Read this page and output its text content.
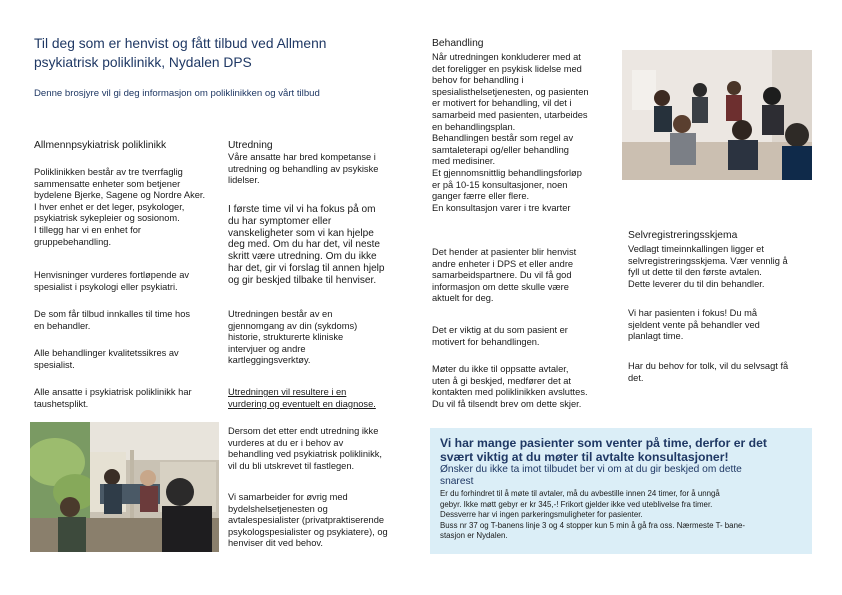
Til deg som er henvist og fått tilbud ved Allmenn
psykiatrisk poliklinikk, Nydalen DPS
Denne brosjyre vil gi deg informasjon om poliklinikken og vårt tilbud
Allmennpsykiatrisk poliklinikk
Poliklinikken består av tre tverrfaglig
sammensatte enheter som betjener
bydelene Bjerke, Sagene og Nordre Aker.
I hver enhet er det leger, psykologer,
psykiatrisk sykepleier og sosionom.
I tillegg har vi en enhet for
gruppebehandling.
Henvisninger vurderes fortløpende av
spesialist i psykologi eller psykiatri.
De som får tilbud innkalles til time hos
en behandler.
Alle behandlinger kvalitetssikres av
spesialist.
Alle ansatte i psykiatrisk poliklinikk har
taushetsplikt.
Utredning
Våre ansatte har bred kompetanse i
utredning og behandling av psykiske
lidelser.
I første time vil vi ha fokus på om
du har symptomer eller
vanskeligheter som vi kan hjelpe
deg med. Om du har det, vil neste
skritt være utredning. Om du ikke
har det, gir vi forslag til annen hjelp
og gir beskjed tilbake til henviser.
Utredningen består av en
gjennomgang av din (sykdoms)
historie, strukturerte kliniske
intervjuer og andre
kartleggingsverktøy.
Utredningen vil resultere i en
vurdering og eventuelt en diagnose.
Dersom det etter endt utredning ikke
vurderes at du er i behov av
behandling ved psykiatrisk poliklinikk,
vil du bli utskrevet til fastlegen.
Vi samarbeider for øvrig med
bydelshelsetjenesten og
avtalespesialister (privatpraktiserende
psykologspesialister og psykiatere), og
henviser dit ved behov.
Behandling
Når utredningen konkluderer med at
det foreligger en psykisk lidelse med
behov for behandling i
spesialisthelsetjenesten, og pasienten
er motivert for behandling, vil det i
samarbeid med pasienten, utarbeides
en behandlingsplan.
Behandlingen består som regel av
samtaleterapi og/eller behandling
med medisiner.
Et gjennomsnittlig behandlingsforløp
er på 10-15 konsultasjoner, noen
ganger færre eller flere.
En konsultasjon varer i tre kvarter
Det hender at pasienter blir henvist
andre enheter i DPS et eller andre
samarbeidspartnere. Du vil få god
informasjon om dette skulle være
aktuelt for deg.
Det er viktig at du som pasient er
motivert for behandlingen.
Møter du ikke til oppsatte avtaler,
uten å gi beskjed, medfører det at
kontakten med poliklinikken avsluttes.
Du vil få tilsendt brev om dette skjer.
Selvregistreringsskjema
Vedlagt timeinnkallingen ligger et
selvregistreringsskjema. Vær vennlig å
fyll ut dette til den første avtalen.
Dette leverer du til din behandler.
Vi har pasienten i fokus! Du må
sjeldent vente på behandler ved
planlagt time.
Har du behov for tolk, vil du selvsagt få
det.
Vi har mange pasienter som venter på time, derfor er det
svært viktig at du møter til avtalte konsultasjoner!
Ønsker du ikke ta imot tilbudet ber vi om at du gir beskjed om dette
snarest
Er du forhindret til å møte til avtaler, må du avbestille innen 24 timer, for å unngå
gebyr. Ikke møtt gebyr er kr 345,-! Frikort gjelder ikke ved uteblivelse fra timer.
Dessverre har vi ingen parkeringsmuligheter for pasienter.
Buss nr 37 og T-banens linje 3 og 4 stopper kun 5 min å gå fra oss. Nærmeste T- bane-
stasjon er Nydalen.
